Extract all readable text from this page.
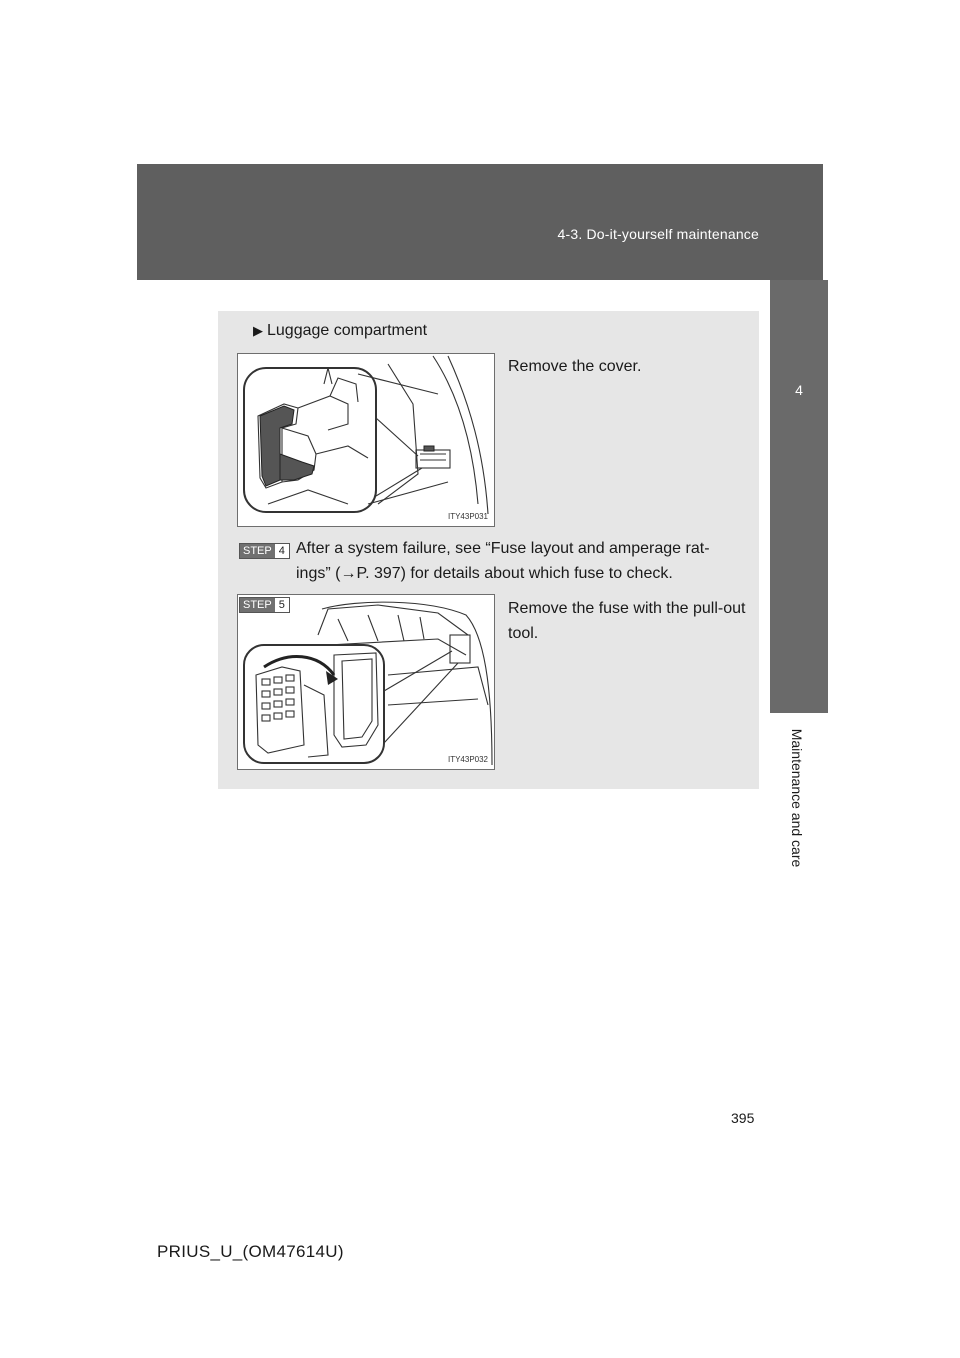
4-3. Do-it-yourself maintenance
4
Maintenance and care
▶ Luggage compartment
ITY43P031
Remove the cover.
STEP 4 After a system failure, see “Fuse layout and amperage rat-
ings” (→P. 397) for details about which fuse to check.
ITY43P032
STEP 5	Remove the fuse with the pull-out tool.
395
PRIUS_U_(OM47614U)
